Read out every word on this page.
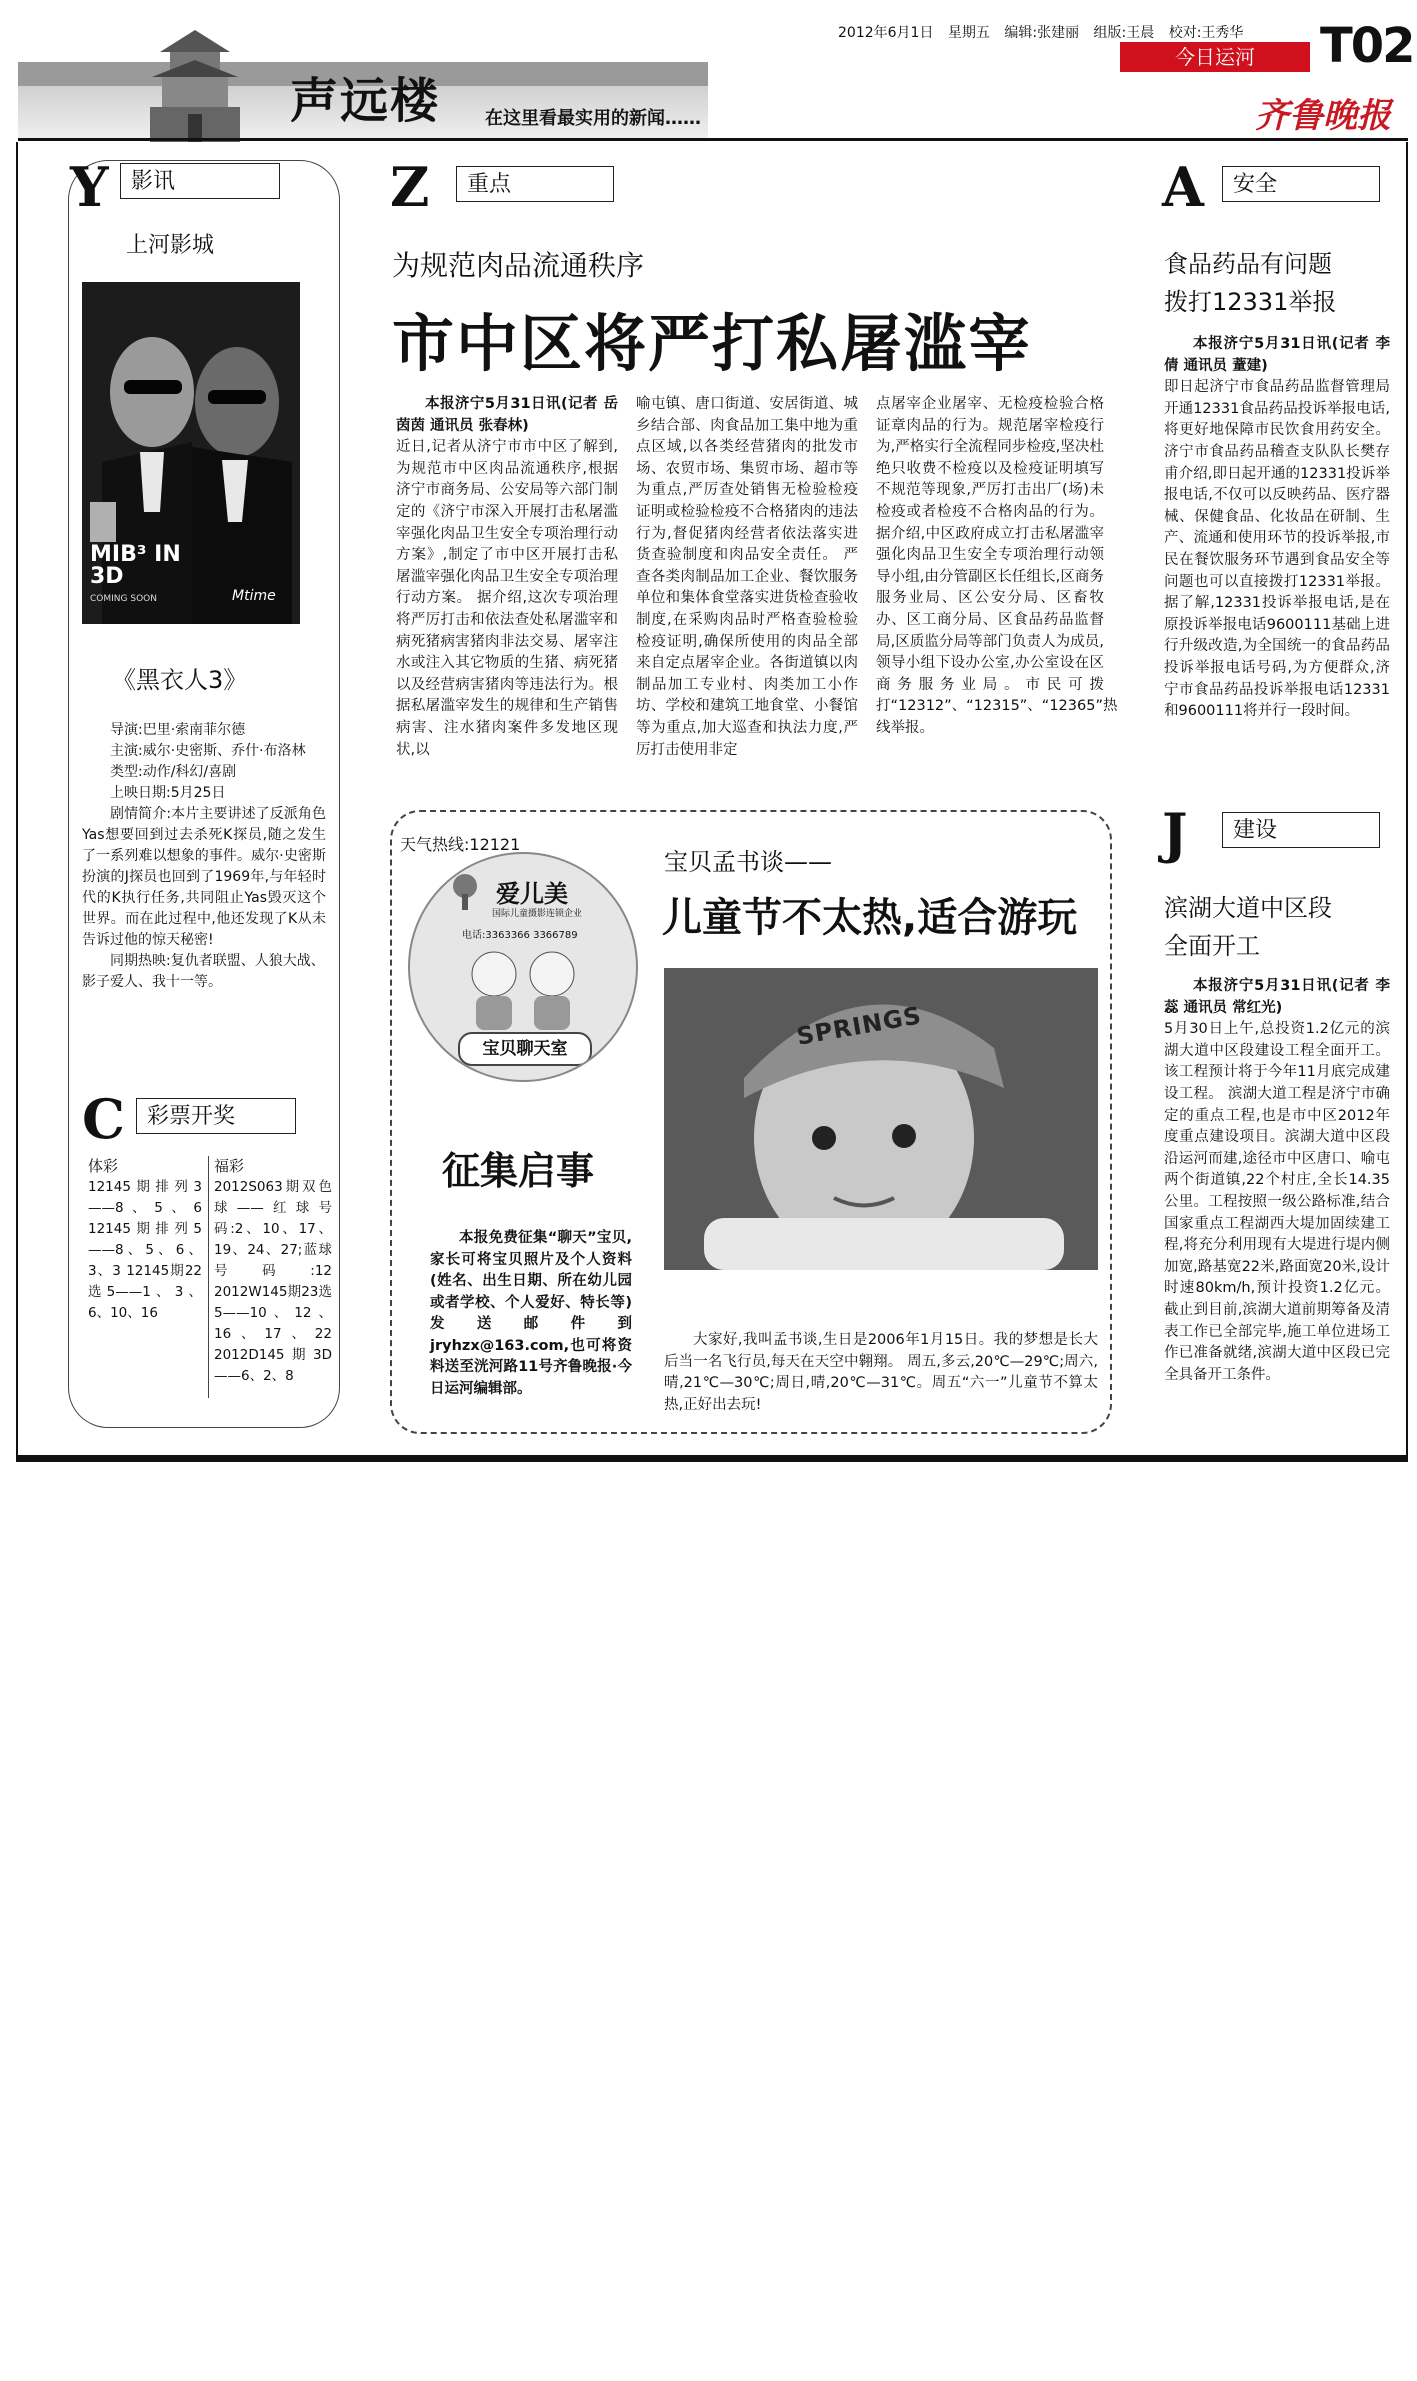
声远楼 在这里看最实用的新闻……
2012年6月1日 星期五 编辑:张建丽 组版:王晨 校对:王秀华
今日运河	T02
齐鲁晚报
Y	影讯
上河影城
MIB³ IN 3D
COMING SOON	Mtime
《黑衣人3》

导演:巴里·索南菲尔德

主演:威尔·史密斯、乔什·布洛林

类型:动作/科幻/喜剧

上映日期:5月25日

剧情简介:本片主要讲述了反派角色Yas想要回到过去杀死K探员,随之发生了一系列难以想象的事件。威尔·史密斯扮演的J探员也回到了1969年,与年轻时代的K执行任务,共同阻止Yas毁灭这个世界。而在此过程中,他还发现了K从未告诉过他的惊天秘密!

同期热映:复仇者联盟、人狼大战、影子爱人、我十一等。

C	彩票开奖

体彩

12145期排列3——8、5、6 12145期排列5——8、5、6、3、3 12145期22选5——1、3、6、10、16

福彩

2012S063期双色球——红球号码:2、10、17、19、24、27;蓝球号码:12 2012W145期23选5——10、12、16、17、22 2012D145期3D——6、2、8

Z	重点
为规范肉品流通秩序
市中区将严打私屠滥宰

本报济宁5月31日讯(记者 岳茵茵 通讯员 张春林)

近日,记者从济宁市市中区了解到,为规范市中区肉品流通秩序,根据济宁市商务局、公安局等六部门制定的《济宁市深入开展打击私屠滥宰强化肉品卫生安全专项治理行动方案》,制定了市中区开展打击私屠滥宰强化肉品卫生安全专项治理行动方案。 据介绍,这次专项治理将严厉打击和依法查处私屠滥宰和病死猪病害猪肉非法交易、屠宰注水或注入其它物质的生猪、病死猪以及经营病害猪肉等违法行为。根据私屠滥宰发生的规律和生产销售病害、注水猪肉案件多发地区现状,以

喻屯镇、唐口街道、安居街道、城乡结合部、肉食品加工集中地为重点区域,以各类经营猪肉的批发市场、农贸市场、集贸市场、超市等为重点,严厉查处销售无检验检疫证明或检验检疫不合格猪肉的违法行为,督促猪肉经营者依法落实进货查验制度和肉品安全责任。 严查各类肉制品加工企业、餐饮服务单位和集体食堂落实进货检查验收制度,在采购肉品时严格查验检验检疫证明,确保所使用的肉品全部来自定点屠宰企业。各街道镇以肉制品加工专业村、肉类加工小作坊、学校和建筑工地食堂、小餐馆等为重点,加大巡查和执法力度,严厉打击使用非定

点屠宰企业屠宰、无检疫检验合格证章肉品的行为。规范屠宰检疫行为,严格实行全流程同步检疫,坚决杜绝只收费不检疫以及检疫证明填写不规范等现象,严厉打击出厂(场)未检疫或者检疫不合格肉品的行为。 据介绍,中区政府成立打击私屠滥宰强化肉品卫生安全专项治理行动领导小组,由分管副区长任组长,区商务服务业局、区公安分局、区畜牧办、区工商分局、区食品药品监督局,区质监分局等部门负责人为成员,领导小组下设办公室,办公室设在区商务服务业局。市民可拨打“12312”、“12315”、“12365”热线举报。

天气热线:12121
爱儿美
国际儿童摄影连锁企业
电话:3363366 3366789
宝贝聊天室
征集启事
本报免费征集“聊天”宝贝,家长可将宝贝照片及个人资料(姓名、出生日期、所在幼儿园或者学校、个人爱好、特长等)发送邮件到jryhzx@163.com,也可将资料送至洸河路11号齐鲁晚报·今日运河编辑部。
宝贝孟书谈——
儿童节不太热,适合游玩
SPRINGS
大家好,我叫孟书谈,生日是2006年1月15日。我的梦想是长大后当一名飞行员,每天在天空中翱翔。 周五,多云,20℃—29℃;周六,晴,21℃—30℃;周日,晴,20℃—31℃。周五“六一”儿童节不算太热,正好出去玩!
A	安全
食品药品有问题
拨打12331举报

本报济宁5月31日讯(记者 李倩 通讯员 蕫建)

即日起济宁市食品药品监督管理局开通12331食品药品投诉举报电话,将更好地保障市民饮食用药安全。 济宁市食品药品稽查支队队长樊存甫介绍,即日起开通的12331投诉举报电话,不仅可以反映药品、医疗器械、保健食品、化妆品在研制、生产、流通和使用环节的投诉举报,市民在餐饮服务环节遇到食品安全等问题也可以直接拨打12331举报。 据了解,12331投诉举报电话,是在原投诉举报电话9600111基础上进行升级改造,为全国统一的食品药品投诉举报电话号码,为方便群众,济宁市食品药品投诉举报电话12331和9600111将并行一段时间。

J	建设
滨湖大道中区段
全面开工

本报济宁5月31日讯(记者 李蕊 通讯员 常红光)

5月30日上午,总投资1.2亿元的滨湖大道中区段建设工程全面开工。该工程预计将于今年11月底完成建设工程。 滨湖大道工程是济宁市确定的重点工程,也是市中区2012年度重点建设项目。滨湖大道中区段沿运河而建,途径市中区唐口、喻屯两个街道镇,22个村庄,全长14.35公里。工程按照一级公路标准,结合国家重点工程湖西大堤加固续建工程,将充分利用现有大堤进行堤内侧加宽,路基宽22米,路面宽20米,设计时速80km/h,预计投资1.2亿元。 截止到目前,滨湖大道前期筹备及清表工作已全部完毕,施工单位进场工作已准备就绪,滨湖大道中区段已完全具备开工条件。
